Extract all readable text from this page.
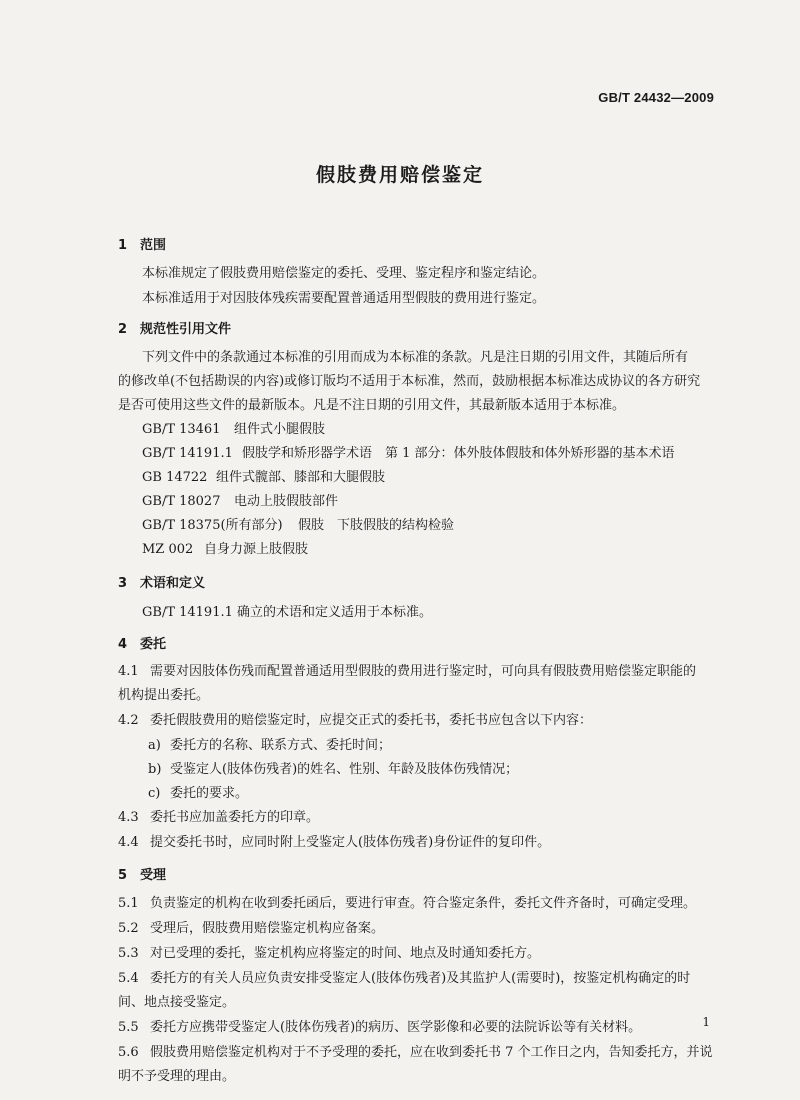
GB/T 24432—2009
假肢费用赔偿鉴定
1 范围
本标准规定了假肢费用赔偿鉴定的委托、受理、鉴定程序和鉴定结论。
本标准适用于对因肢体残疾需要配置普通适用型假肢的费用进行鉴定。
2 规范性引用文件
下列文件中的条款通过本标准的引用而成为本标准的条款。凡是注日期的引用文件，其随后所有
的修改单(不包括勘误的内容)或修订版均不适用于本标准，然而，鼓励根据本标准达成协议的各方研究
是否可使用这些文件的最新版本。凡是不注日期的引用文件，其最新版本适用于本标准。
GB/T 13461 组件式小腿假肢
GB/T 14191.1 假肢学和矫形器学术语　第 1 部分：体外肢体假肢和体外矫形器的基本术语
GB 14722 组件式髋部、膝部和大腿假肢
GB/T 18027 电动上肢假肢部件
GB/T 18375(所有部分) 假肢　下肢假肢的结构检验
MZ 002 自身力源上肢假肢
3 术语和定义
GB/T 14191.1 确立的术语和定义适用于本标准。
4 委托
4.1 需要对因肢体伤残而配置普通适用型假肢的费用进行鉴定时，可向具有假肢费用赔偿鉴定职能的
机构提出委托。
4.2 委托假肢费用的赔偿鉴定时，应提交正式的委托书，委托书应包含以下内容：
a) 委托方的名称、联系方式、委托时间；
b) 受鉴定人(肢体伤残者)的姓名、性别、年龄及肢体伤残情况；
c) 委托的要求。
4.3 委托书应加盖委托方的印章。
4.4 提交委托书时，应同时附上受鉴定人(肢体伤残者)身份证件的复印件。
5 受理
5.1 负责鉴定的机构在收到委托函后，要进行审查。符合鉴定条件，委托文件齐备时，可确定受理。
5.2 受理后，假肢费用赔偿鉴定机构应备案。
5.3 对已受理的委托，鉴定机构应将鉴定的时间、地点及时通知委托方。
5.4 委托方的有关人员应负责安排受鉴定人(肢体伤残者)及其监护人(需要时)，按鉴定机构确定的时
间、地点接受鉴定。
5.5 委托方应携带受鉴定人(肢体伤残者)的病历、医学影像和必要的法院诉讼等有关材料。
5.6 假肢费用赔偿鉴定机构对于不予受理的委托，应在收到委托书 7 个工作日之内，告知委托方，并说
明不予受理的理由。
1
